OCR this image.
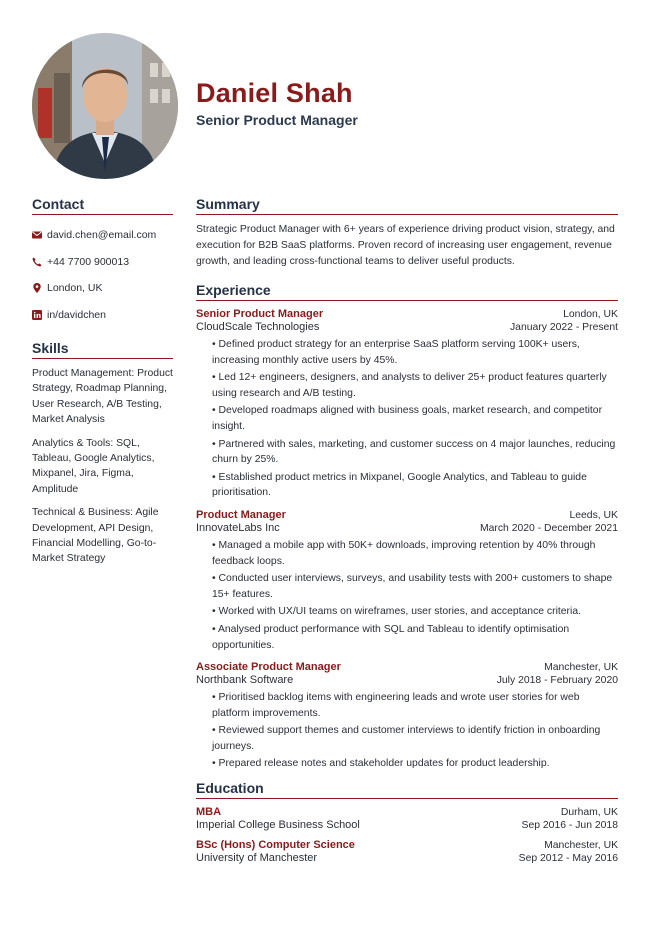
Daniel Shah
Senior Product Manager
Contact
david.chen@email.com
+44 7700 900013
London, UK
in/davidchen
Skills
Product Management: Product Strategy, Roadmap Planning, User Research, A/B Testing, Market Analysis
Analytics & Tools: SQL, Tableau, Google Analytics, Mixpanel, Jira, Figma, Amplitude
Technical & Business: Agile Development, API Design, Financial Modelling, Go-to-Market Strategy
Summary
Strategic Product Manager with 6+ years of experience driving product vision, strategy, and execution for B2B SaaS platforms. Proven record of increasing user engagement, revenue growth, and leading cross-functional teams to deliver useful products.
Experience
Senior Product Manager	London, UK
CloudScale Technologies	January 2022 - Present
• Defined product strategy for an enterprise SaaS platform serving 100K+ users, increasing monthly active users by 45%.
• Led 12+ engineers, designers, and analysts to deliver 25+ product features quarterly using research and A/B testing.
• Developed roadmaps aligned with business goals, market research, and competitor insight.
• Partnered with sales, marketing, and customer success on 4 major launches, reducing churn by 25%.
• Established product metrics in Mixpanel, Google Analytics, and Tableau to guide prioritisation.
Product Manager	Leeds, UK
InnovateLabs Inc	March 2020 - December 2021
• Managed a mobile app with 50K+ downloads, improving retention by 40% through feedback loops.
• Conducted user interviews, surveys, and usability tests with 200+ customers to shape 15+ features.
• Worked with UX/UI teams on wireframes, user stories, and acceptance criteria.
• Analysed product performance with SQL and Tableau to identify optimisation opportunities.
Associate Product Manager	Manchester, UK
Northbank Software	July 2018 - February 2020
• Prioritised backlog items with engineering leads and wrote user stories for web platform improvements.
• Reviewed support themes and customer interviews to identify friction in onboarding journeys.
• Prepared release notes and stakeholder updates for product leadership.
Education
MBA	Durham, UK
Imperial College Business School	Sep 2016 - Jun 2018
BSc (Hons) Computer Science	Manchester, UK
University of Manchester	Sep 2012 - May 2016
